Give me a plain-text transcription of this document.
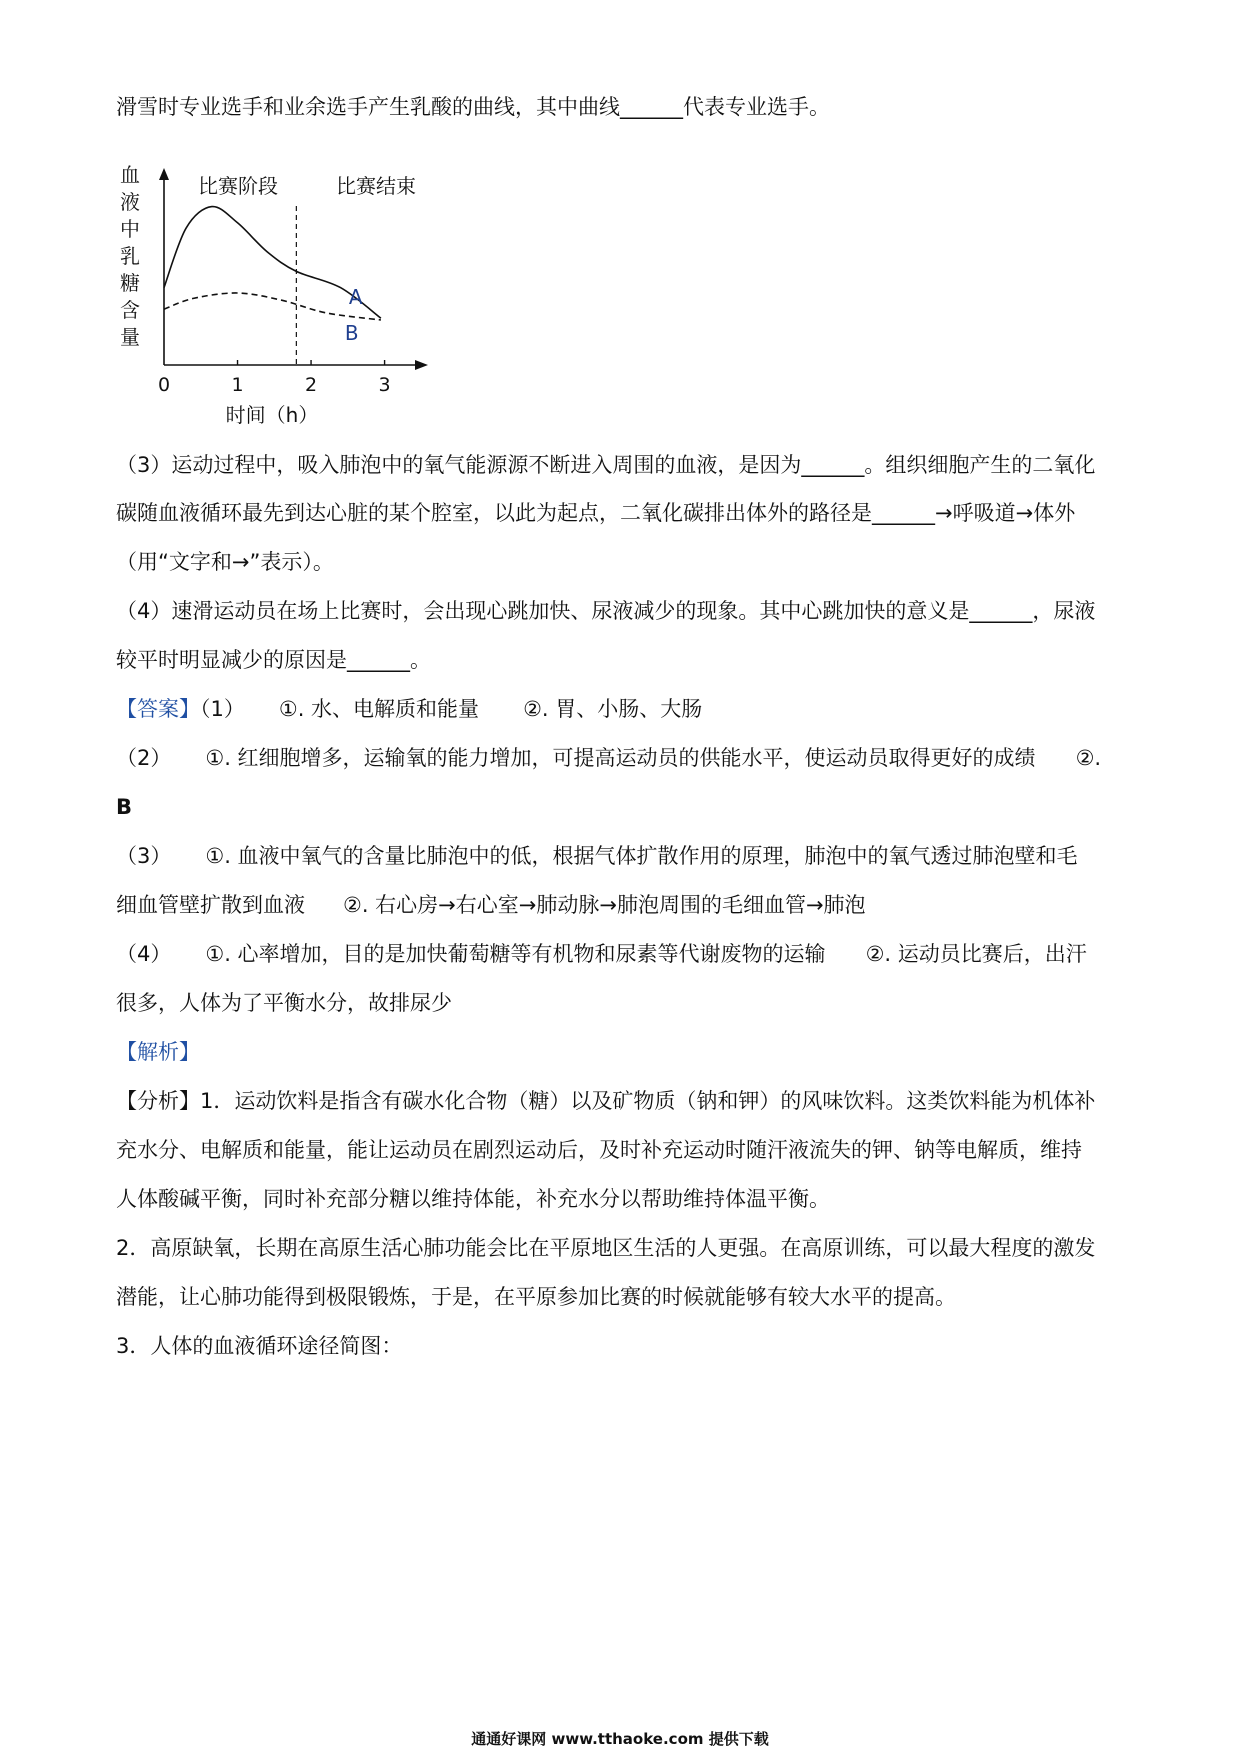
滑雪时专业选手和业余选手产生乳酸的曲线，其中曲线______代表专业选手。
血
液
中
乳
糖
含
量
0	1	2	3
比赛阶段	比赛结束
A
B
时间（h）
（3）运动过程中，吸入肺泡中的氧气能源源不断进入周围的血液，是因为______。组织细胞产生的二氧化
碳随血液循环最先到达心脏的某个腔室，以此为起点，二氧化碳排出体外的路径是______→呼吸道→体外
（用“文字和→”表示）。
（4）速滑运动员在场上比赛时，会出现心跳加快、尿液减少的现象。其中心跳加快的意义是______，尿液
较平时明显减少的原因是______。
【答案】（1） ①. 水、电解质和能量 ②. 胃、小肠、大肠
（2） ①. 红细胞增多，运输氧的能力增加，可提高运动员的供能水平，使运动员取得更好的成绩 ②.
B
（3） ①. 血液中氧气的含量比肺泡中的低，根据气体扩散作用的原理，肺泡中的氧气透过肺泡壁和毛
细血管壁扩散到血液 ②. 右心房→右心室→肺动脉→肺泡周围的毛细血管→肺泡
（4） ①. 心率增加，目的是加快葡萄糖等有机物和尿素等代谢废物的运输 ②. 运动员比赛后，出汗
很多，人体为了平衡水分，故排尿少
【解析】
【分析】1．运动饮料是指含有碳水化合物（糖）以及矿物质（钠和钾）的风味饮料。这类饮料能为机体补
充水分、电解质和能量，能让运动员在剧烈运动后，及时补充运动时随汗液流失的钾、钠等电解质，维持
人体酸碱平衡，同时补充部分糖以维持体能，补充水分以帮助维持体温平衡。
2．高原缺氧，长期在高原生活心肺功能会比在平原地区生活的人更强。在高原训练，可以最大程度的激发
潜能，让心肺功能得到极限锻炼，于是，在平原参加比赛的时候就能够有较大水平的提高。
3．人体的血液循环途径简图：
通通好课网 www.tthaoke.com 提供下载
